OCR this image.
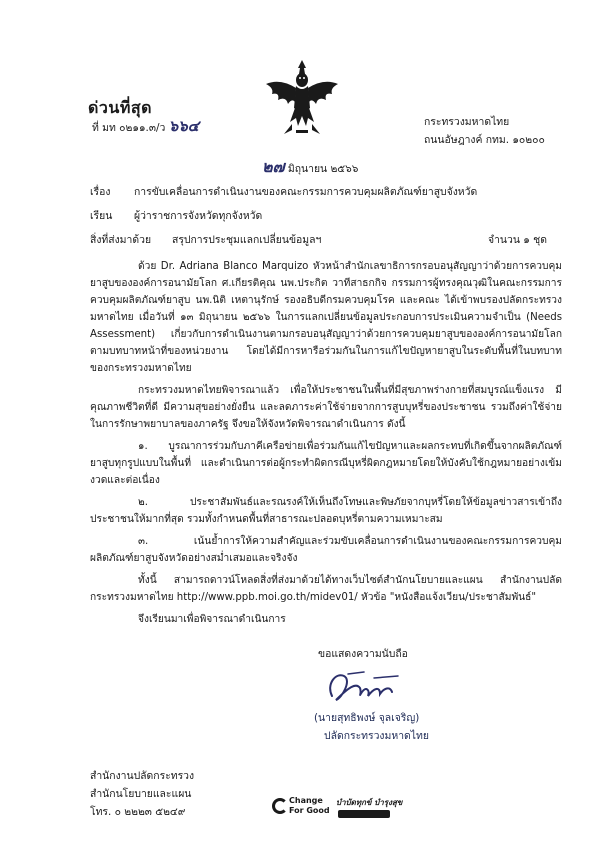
ด่วนที่สุด
ที่ มท ๐๒๑๑.๓/ว ๖๖๔	กระทรวงมหาดไทย
ถนนอัษฎางค์ กทม. ๑๐๒๐๐
๒๗ มิถุนายน ๒๕๖๖
เรื่อง การขับเคลื่อนการดำเนินงานของคณะกรรมการควบคุมผลิตภัณฑ์ยาสูบจังหวัด
เรียน ผู้ว่าราชการจังหวัดทุกจังหวัด
สิ่งที่ส่งมาด้วย สรุปการประชุมแลกเปลี่ยนข้อมูลฯ	จำนวน ๑ ชุด

ด้วย Dr. Adriana Blanco Marquizo หัวหน้าสำนักเลขาธิการกรอบอนุสัญญาว่าด้วยการควบคุมยาสูบขององค์การอนามัยโลก ศ.เกียรติคุณ นพ.ประกิต วาทีสาธกกิจ กรรมการผู้ทรงคุณวุฒิในคณะกรรมการควบคุมผลิตภัณฑ์ยาสูบ นพ.นิติ เหตานุรักษ์ รองอธิบดีกรมควบคุมโรค และคณะ ได้เข้าพบรองปลัดกระทรวงมหาดไทย เมื่อวันที่ ๑๓ มิถุนายน ๒๕๖๖ ในการแลกเปลี่ยนข้อมูลประกอบการประเมินความจำเป็น (Needs Assessment) เกี่ยวกับการดำเนินงานตามกรอบอนุสัญญาว่าด้วยการควบคุมยาสูบขององค์การอนามัยโลก ตามบทบาทหน้าที่ของหน่วยงาน โดยได้มีการหารือร่วมกันในการแก้ไขปัญหายาสูบในระดับพื้นที่ในบทบาทของกระทรวงมหาดไทย

กระทรวงมหาดไทยพิจารณาแล้ว เพื่อให้ประชาชนในพื้นที่มีสุขภาพร่างกายที่สมบูรณ์แข็งแรง มีคุณภาพชีวิตที่ดี มีความสุขอย่างยั่งยืน และลดภาระค่าใช้จ่ายจากการสูบบุหรี่ของประชาชน รวมถึงค่าใช้จ่ายในการรักษาพยาบาลของภาครัฐ จึงขอให้จังหวัดพิจารณาดำเนินการ ดังนี้

๑. บูรณาการร่วมกับภาคีเครือข่ายเพื่อร่วมกันแก้ไขปัญหาและผลกระทบที่เกิดขึ้นจากผลิตภัณฑ์ยาสูบทุกรูปแบบในพื้นที่ และดำเนินการต่อผู้กระทำผิดกรณีบุหรี่ผิดกฎหมายโดยให้บังคับใช้กฎหมายอย่างเข้มงวดและต่อเนื่อง

๒. ประชาสัมพันธ์และรณรงค์ให้เห็นถึงโทษและพิษภัยจากบุหรี่โดยให้ข้อมูลข่าวสารเข้าถึงประชาชนให้มากที่สุด รวมทั้งกำหนดพื้นที่สาธารณะปลอดบุหรี่ตามความเหมาะสม

๓. เน้นย้ำการให้ความสำคัญและร่วมขับเคลื่อนการดำเนินงานของคณะกรรมการควบคุมผลิตภัณฑ์ยาสูบจังหวัดอย่างสม่ำเสมอและจริงจัง

ทั้งนี้ สามารถดาวน์โหลดสิ่งที่ส่งมาด้วยได้ทางเว็บไซต์สำนักนโยบายและแผน สำนักงานปลัดกระทรวงมหาดไทย http://www.ppb.moi.go.th/midev01/ หัวข้อ "หนังสือแจ้งเวียน/ประชาสัมพันธ์"

จึงเรียนมาเพื่อพิจารณาดำเนินการ

ขอแสดงความนับถือ
(นายสุทธิพงษ์ จุลเจริญ)
ปลัดกระทรวงมหาดไทย
สำนักงานปลัดกระทรวง
สำนักนโยบายและแผน
โทร. ๐ ๒๒๒๓ ๕๒๔๙
Change
For Good
บำบัดทุกข์ บำรุงสุข
